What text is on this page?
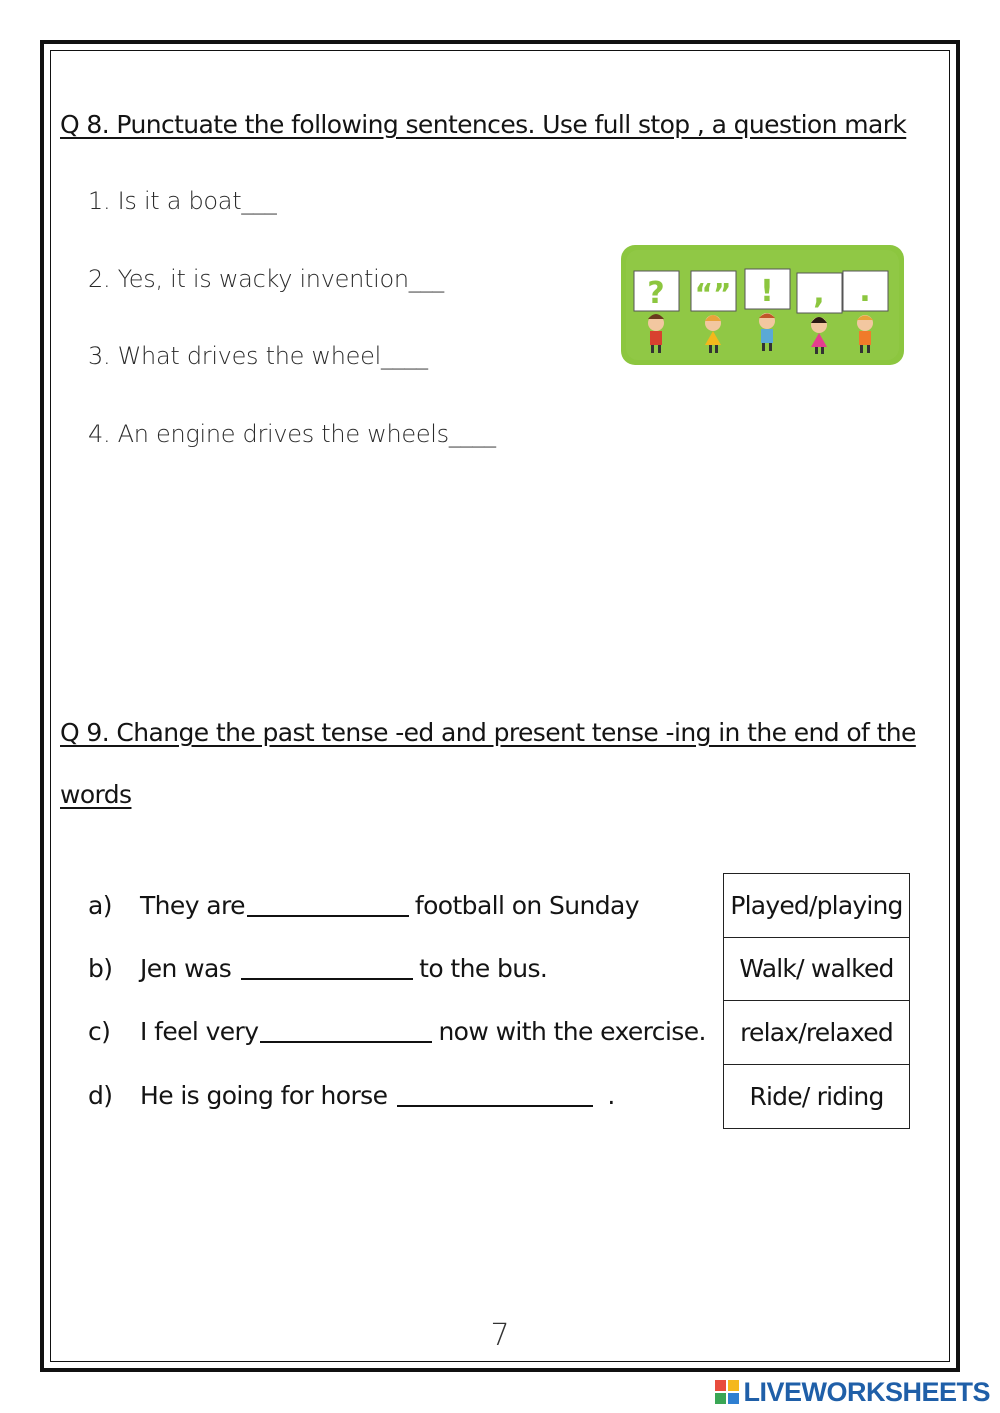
Q 8. Punctuate the following sentences. Use full stop , a question mark
1. Is it a boat___
2. Yes, it is wacky invention___
3. What drives the wheel____
4. An engine drives the wheels____
? “” ! , .
Q 9. Change the past tense -ed and present tense -ing in the end of the
words
a)	They are	football on Sunday
b)	Jen was	to the bus.
c)	I feel very	now with the exercise.
d)	He is going for horse	.
Played/playing
Walk/ walked
relax/relaxed
Ride/ riding
7
LIVEWORKSHEETS
